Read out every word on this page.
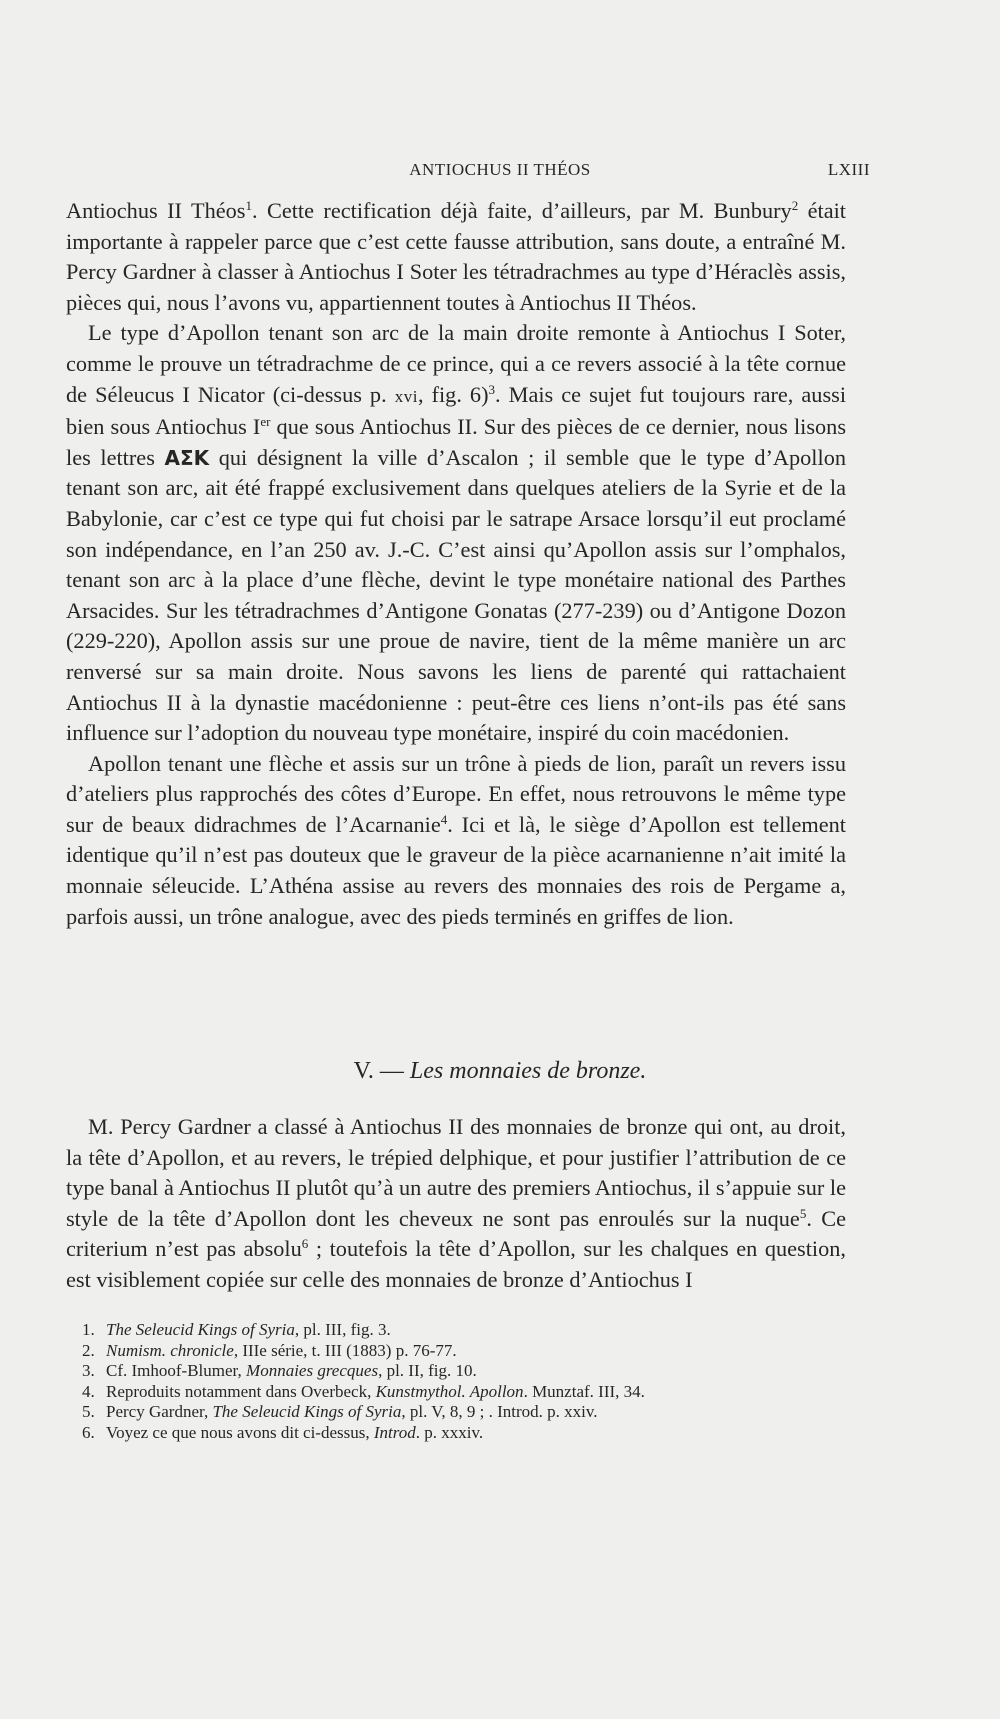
ANTIOCHUS II THÉOS	LXIII

Antiochus II Théos$^1$. Cette rectification déjà faite, d’ailleurs, par M. Bunbury$^2$ était importante à rappeler parce que c’est cette fausse attribution, sans doute, a entraîné M. Percy Gardner à classer à Antiochus I Soter les tétradrachmes au type d’Héraclès assis, pièces qui, nous l’avons vu, appartiennent toutes à Antiochus II Théos.

Le type d’Apollon tenant son arc de la main droite remonte à Antiochus I Soter, comme le prouve un tétradrachme de ce prince, qui a ce revers associé à la tête cornue de Séleucus I Nicator (ci-dessus p. xvi, fig. 6)$^3$. Mais ce sujet fut toujours rare, aussi bien sous Antiochus Ier que sous Antiochus II. Sur des pièces de ce dernier, nous lisons les lettres ΑΣΚ qui désignent la ville d’Ascalon ; il semble que le type d’Apollon tenant son arc, ait été frappé exclusivement dans quelques ateliers de la Syrie et de la Babylonie, car c’est ce type qui fut choisi par le satrape Arsace lorsqu’il eut proclamé son indépendance, en l’an 250 av. J.-C. C’est ainsi qu’Apollon assis sur l’omphalos, tenant son arc à la place d’une flèche, devint le type monétaire national des Parthes Arsacides. Sur les tétradrachmes d’Antigone Gonatas (277-239) ou d’Antigone Dozon (229-220), Apollon assis sur une proue de navire, tient de la même manière un arc renversé sur sa main droite. Nous savons les liens de parenté qui rattachaient Antiochus II à la dynastie macédonienne : peut-être ces liens n’ont-ils pas été sans influence sur l’adoption du nouveau type monétaire, inspiré du coin macédonien.

Apollon tenant une flèche et assis sur un trône à pieds de lion, paraît un revers issu d’ateliers plus rapprochés des côtes d’Europe. En effet, nous retrouvons le même type sur de beaux didrachmes de l’Acarnanie$^4$. Ici et là, le siège d’Apollon est tellement identique qu’il n’est pas douteux que le graveur de la pièce acarnanienne n’ait imité la monnaie séleucide. L’Athéna assise au revers des monnaies des rois de Pergame a, parfois aussi, un trône analogue, avec des pieds terminés en griffes de lion.

V. — Les monnaies de bronze.

M. Percy Gardner a classé à Antiochus II des monnaies de bronze qui ont, au droit, la tête d’Apollon, et au revers, le trépied delphique, et pour justifier l’attribution de ce type banal à Antiochus II plutôt qu’à un autre des premiers Antiochus, il s’appuie sur le style de la tête d’Apollon dont les cheveux ne sont pas enroulés sur la nuque$^5$. Ce criterium n’est pas absolu$^6$ ; toutefois la tête d’Apollon, sur les chalques en question, est visiblement copiée sur celle des monnaies de bronze d’Antiochus I

1. The Seleucid Kings of Syria, pl. III, fig. 3.
2. Numism. chronicle, IIIe série, t. III (1883) p. 76-77.
3. Cf. Imhoof-Blumer, Monnaies grecques, pl. II, fig. 10.
4. Reproduits notamment dans Overbeck, Kunstmythol. Apollon. Munztaf. III, 34.
5. Percy Gardner, The Seleucid Kings of Syria, pl. V, 8, 9 ; . Introd. p. xxiv.
6. Voyez ce que nous avons dit ci-dessus, Introd. p. xxxiv.
